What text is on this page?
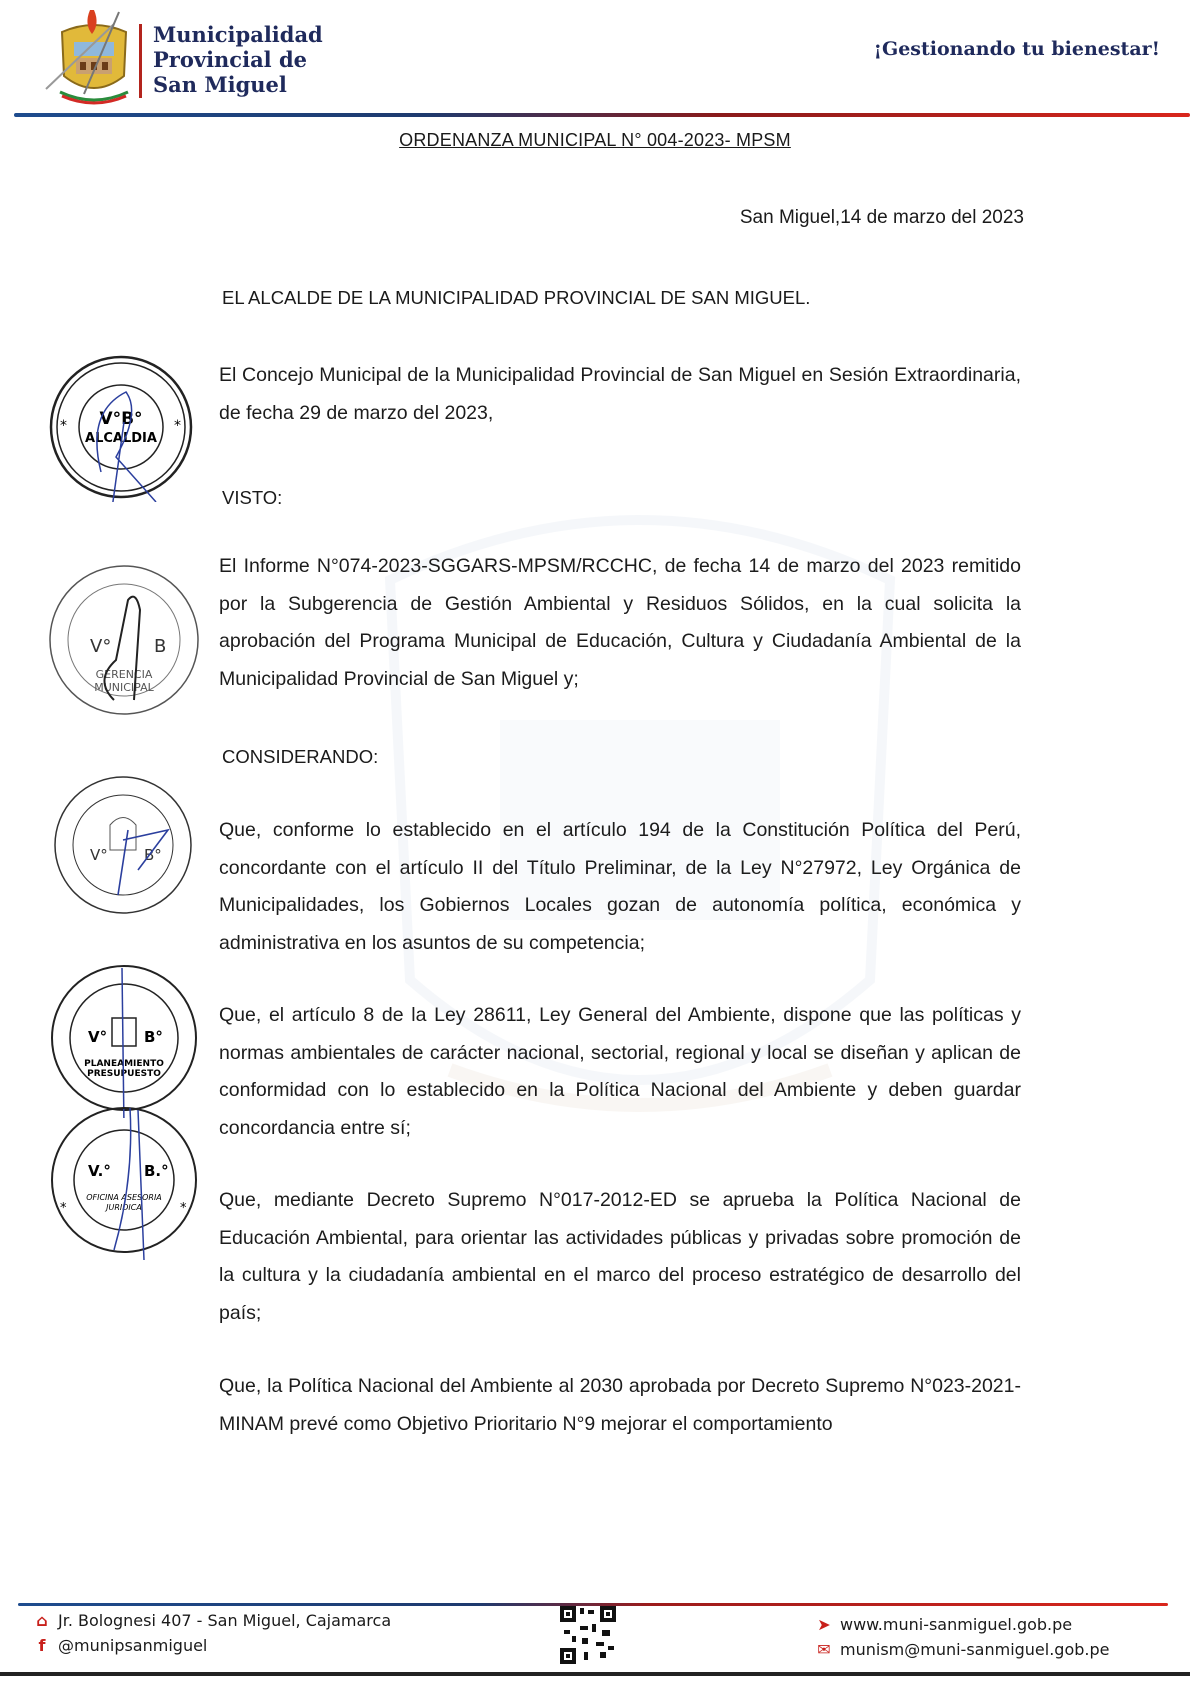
Municipalidad
Provincial de
San Miguel
¡Gestionando tu bienestar!
ORDENANZA MUNICIPAL N° 004-2023- MPSM
San Miguel,14 de marzo del 2023
EL ALCALDE DE LA MUNICIPALIDAD PROVINCIAL DE SAN MIGUEL.
El Concejo Municipal de la Municipalidad Provincial de San Miguel en Sesión Extraordinaria, de fecha 29 de marzo del 2023,
VISTO:
El Informe N°074-2023-SGGARS-MPSM/RCCHC, de fecha 14 de marzo del 2023 remitido por la Subgerencia de Gestión Ambiental y Residuos Sólidos, en la cual solicita la aprobación del Programa Municipal de Educación, Cultura y Ciudadanía Ambiental de la Municipalidad Provincial de San Miguel y;
CONSIDERANDO:
Que, conforme lo establecido en el artículo 194 de la Constitución Política del Perú, concordante con el artículo II del Título Preliminar, de la Ley N°27972, Ley Orgánica de Municipalidades, los Gobiernos Locales gozan de autonomía política, económica y administrativa en los asuntos de su competencia;
Que, el artículo 8 de la Ley 28611, Ley General del Ambiente, dispone que las políticas y normas ambientales de carácter nacional, sectorial, regional y local se diseñan y aplican de conformidad con lo establecido en la Política Nacional del Ambiente y deben guardar concordancia entre sí;
Que, mediante Decreto Supremo N°017-2012-ED se aprueba la Política Nacional de Educación Ambiental, para orientar las actividades públicas y privadas sobre promoción de la cultura y la ciudadanía ambiental en el marco del proceso estratégico de desarrollo del país;
Que, la Política Nacional del Ambiente al 2030 aprobada por Decreto Supremo N°023-2021-MINAM prevé como Objetivo Prioritario N°9 mejorar el comportamiento
V°B°
ALCALDIA
*	*
V° B
GERENCIA
MUNICIPAL
V° B°
V° B°
PLANEAMIENTO
PRESUPUESTO
V.° B.°
OFICINA ASESORIA
JURIDICA
*	*
⌂ Jr. Bolognesi 407 - San Miguel, Cajamarca
f @munipsanmiguel
➤ www.muni-sanmiguel.gob.pe
✉ munism@muni-sanmiguel.gob.pe
